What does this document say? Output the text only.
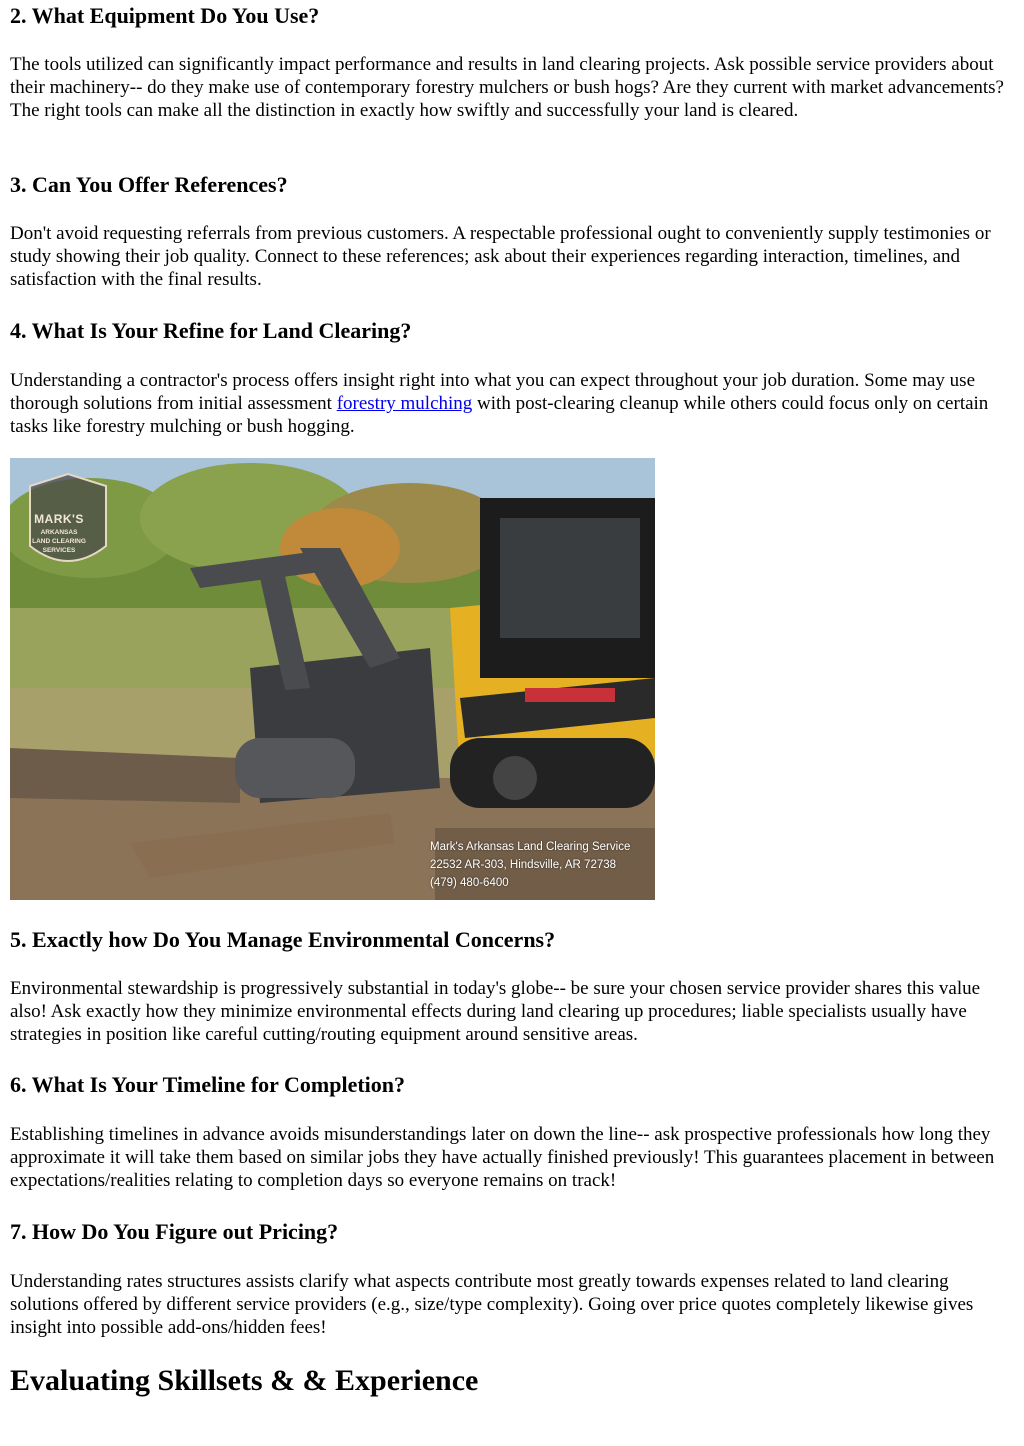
2. What Equipment Do You Use?

The tools utilized can significantly impact performance and results in land clearing projects. Ask possible service providers about their machinery-- do they make use of contemporary forestry mulchers or bush hogs? Are they current with market advancements? The right tools can make all the distinction in exactly how swiftly and successfully your land is cleared.

3. Can You Offer References?

Don't avoid requesting referrals from previous customers. A respectable professional ought to conveniently supply testimonies or study showing their job quality. Connect to these references; ask about their experiences regarding interaction, timelines, and satisfaction with the final results.

4. What Is Your Refine for Land Clearing?

Understanding a contractor's process offers insight right into what you can expect throughout your job duration. Some may use thorough solutions from initial assessment forestry mulching with post-clearing cleanup while others could focus only on certain tasks like forestry mulching or bush hogging.

5. Exactly how Do You Manage Environmental Concerns?

Environmental stewardship is progressively substantial in today's globe-- be sure your chosen service provider shares this value also! Ask exactly how they minimize environmental effects during land clearing up procedures; liable specialists usually have strategies in position like careful cutting/routing equipment around sensitive areas.

6. What Is Your Timeline for Completion?

Establishing timelines in advance avoids misunderstandings later on down the line-- ask prospective professionals how long they approximate it will take them based on similar jobs they have actually finished previously! This guarantees placement in between expectations/realities relating to completion days so everyone remains on track!

7. How Do You Figure out Pricing?

Understanding rates structures assists clarify what aspects contribute most greatly towards expenses related to land clearing solutions offered by different service providers (e.g., size/type complexity). Going over price quotes completely likewise gives insight into possible add-ons/hidden fees!

Evaluating Skillsets & & Experience
MARK'S
ARKANSAS
LAND CLEARING
SERVICES
Mark's Arkansas Land Clearing Service
22532 AR-303, Hindsville, AR 72738
(479) 480-6400
